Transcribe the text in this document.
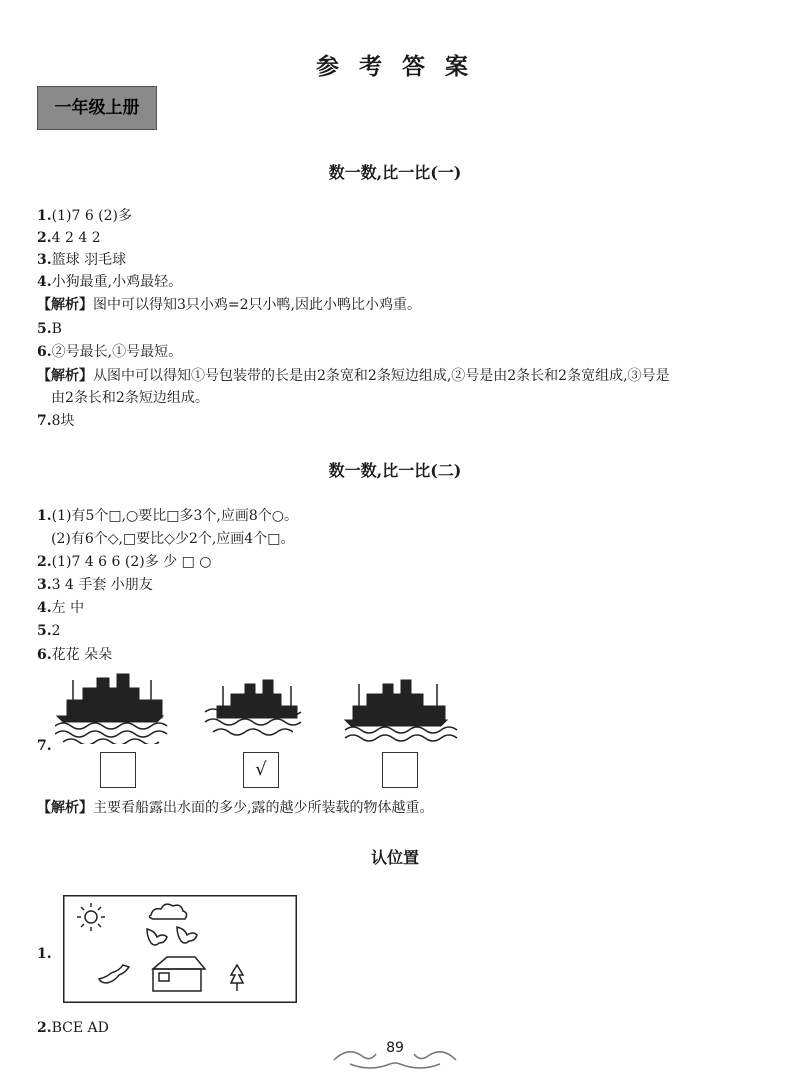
参 考 答 案
一年级上册
数一数,比一比(一)
1.(1)7 6 (2)多
2.4 2 4 2
3.篮球 羽毛球
4.小狗最重,小鸡最轻。
【解析】图中可以得知3只小鸡=2只小鸭,因此小鸭比小鸡重。
5.B
6.②号最长,①号最短。
【解析】从图中可以得知①号包装带的长是由2条宽和2条短边组成,②号是由2条长和2条宽组成,③号是
由2条长和2条短边组成。
7.8块
数一数,比一比(二)
1.(1)有5个□,○要比□多3个,应画8个○。
(2)有6个◇,□要比◇少2个,应画4个□。
2.(1)7 4 6 6 (2)多 少 □ ○
3.3 4 手套 小朋友
4.左 中
5.2
6.花花 朵朵
7.
√
【解析】主要看船露出水面的多少,露的越少所装载的物体越重。
认位置
1.
2.BCE AD
89
